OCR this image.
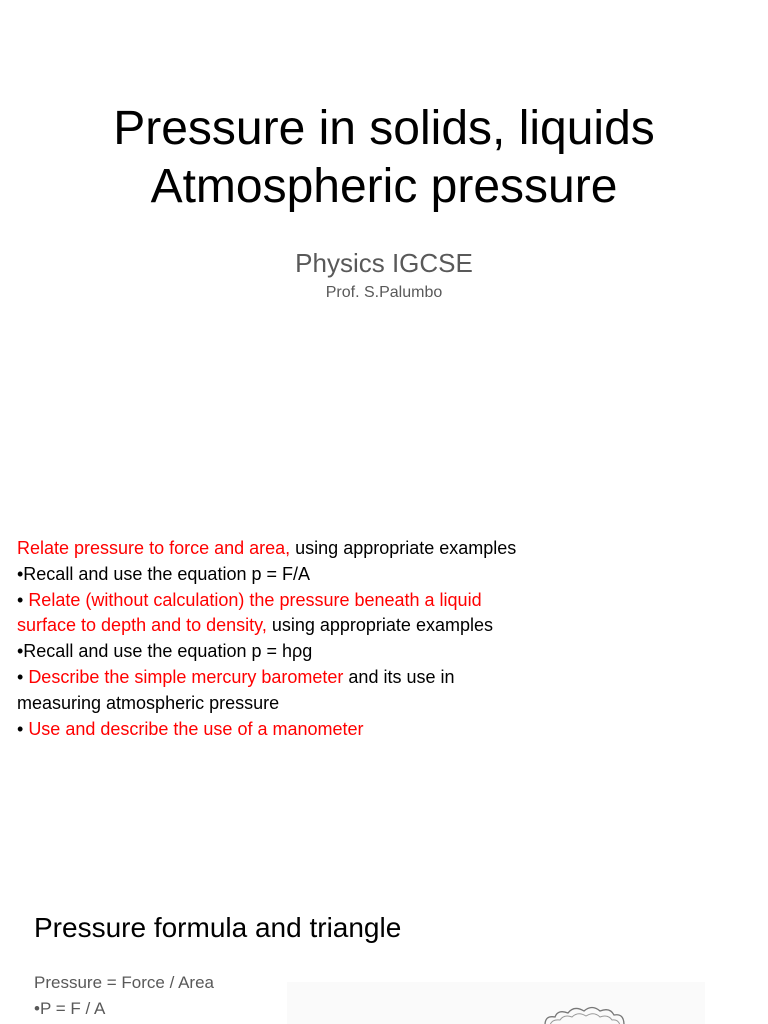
Pressure in solids, liquids
Atmospheric pressure
Physics IGCSE
Prof. S.Palumbo
Relate pressure to force and area, using appropriate examples
•Recall and use the equation p = F/A
• Relate (without calculation) the pressure beneath a liquid
surface to depth and to density, using appropriate examples
•Recall and use the equation p = hρg
• Describe the simple mercury barometer and its use in
measuring atmospheric pressure
• Use and describe the use of a manometer
Pressure formula and triangle
Pressure = Force / Area
•P = F / A
